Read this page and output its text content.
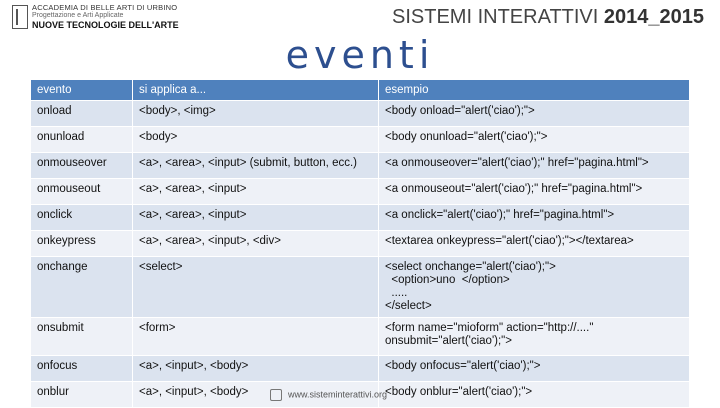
ACCADEMIA DI BELLE ARTI DI URBINO
Progettazione e Arti Applicate
NUOVE TECNOLOGIE DELL'ARTE	SISTEMI INTERATTIVI 2014_2015
eventi
evento	si applica a...	esempio
onload	<body>, <img>	<body onload="alert('ciao');">
onunload	<body>	<body onunload="alert('ciao');">
onmouseover	<a>, <area>, <input> (submit, button, ecc.)	<a onmouseover="alert('ciao');" href="pagina.html">
onmouseout	<a>, <area>, <input>	<a onmouseout="alert('ciao');" href="pagina.html">
onclick	<a>, <area>, <input>	<a onclick="alert('ciao');" href="pagina.html">
onkeypress	<a>, <area>, <input>, <div>	<textarea onkeypress="alert('ciao');"></textarea>
onchange	<select>	<select onchange="alert('ciao');">
<option>uno  </option>
.....
</select>
onsubmit	<form>	<form name="mioform" action="http://...."
onsubmit="alert('ciao');">
onfocus	<a>, <input>, <body>	<body onfocus="alert('ciao');">
onblur	<a>, <input>, <body>	<body onblur="alert('ciao');">
www.sisteminterattivi.org
